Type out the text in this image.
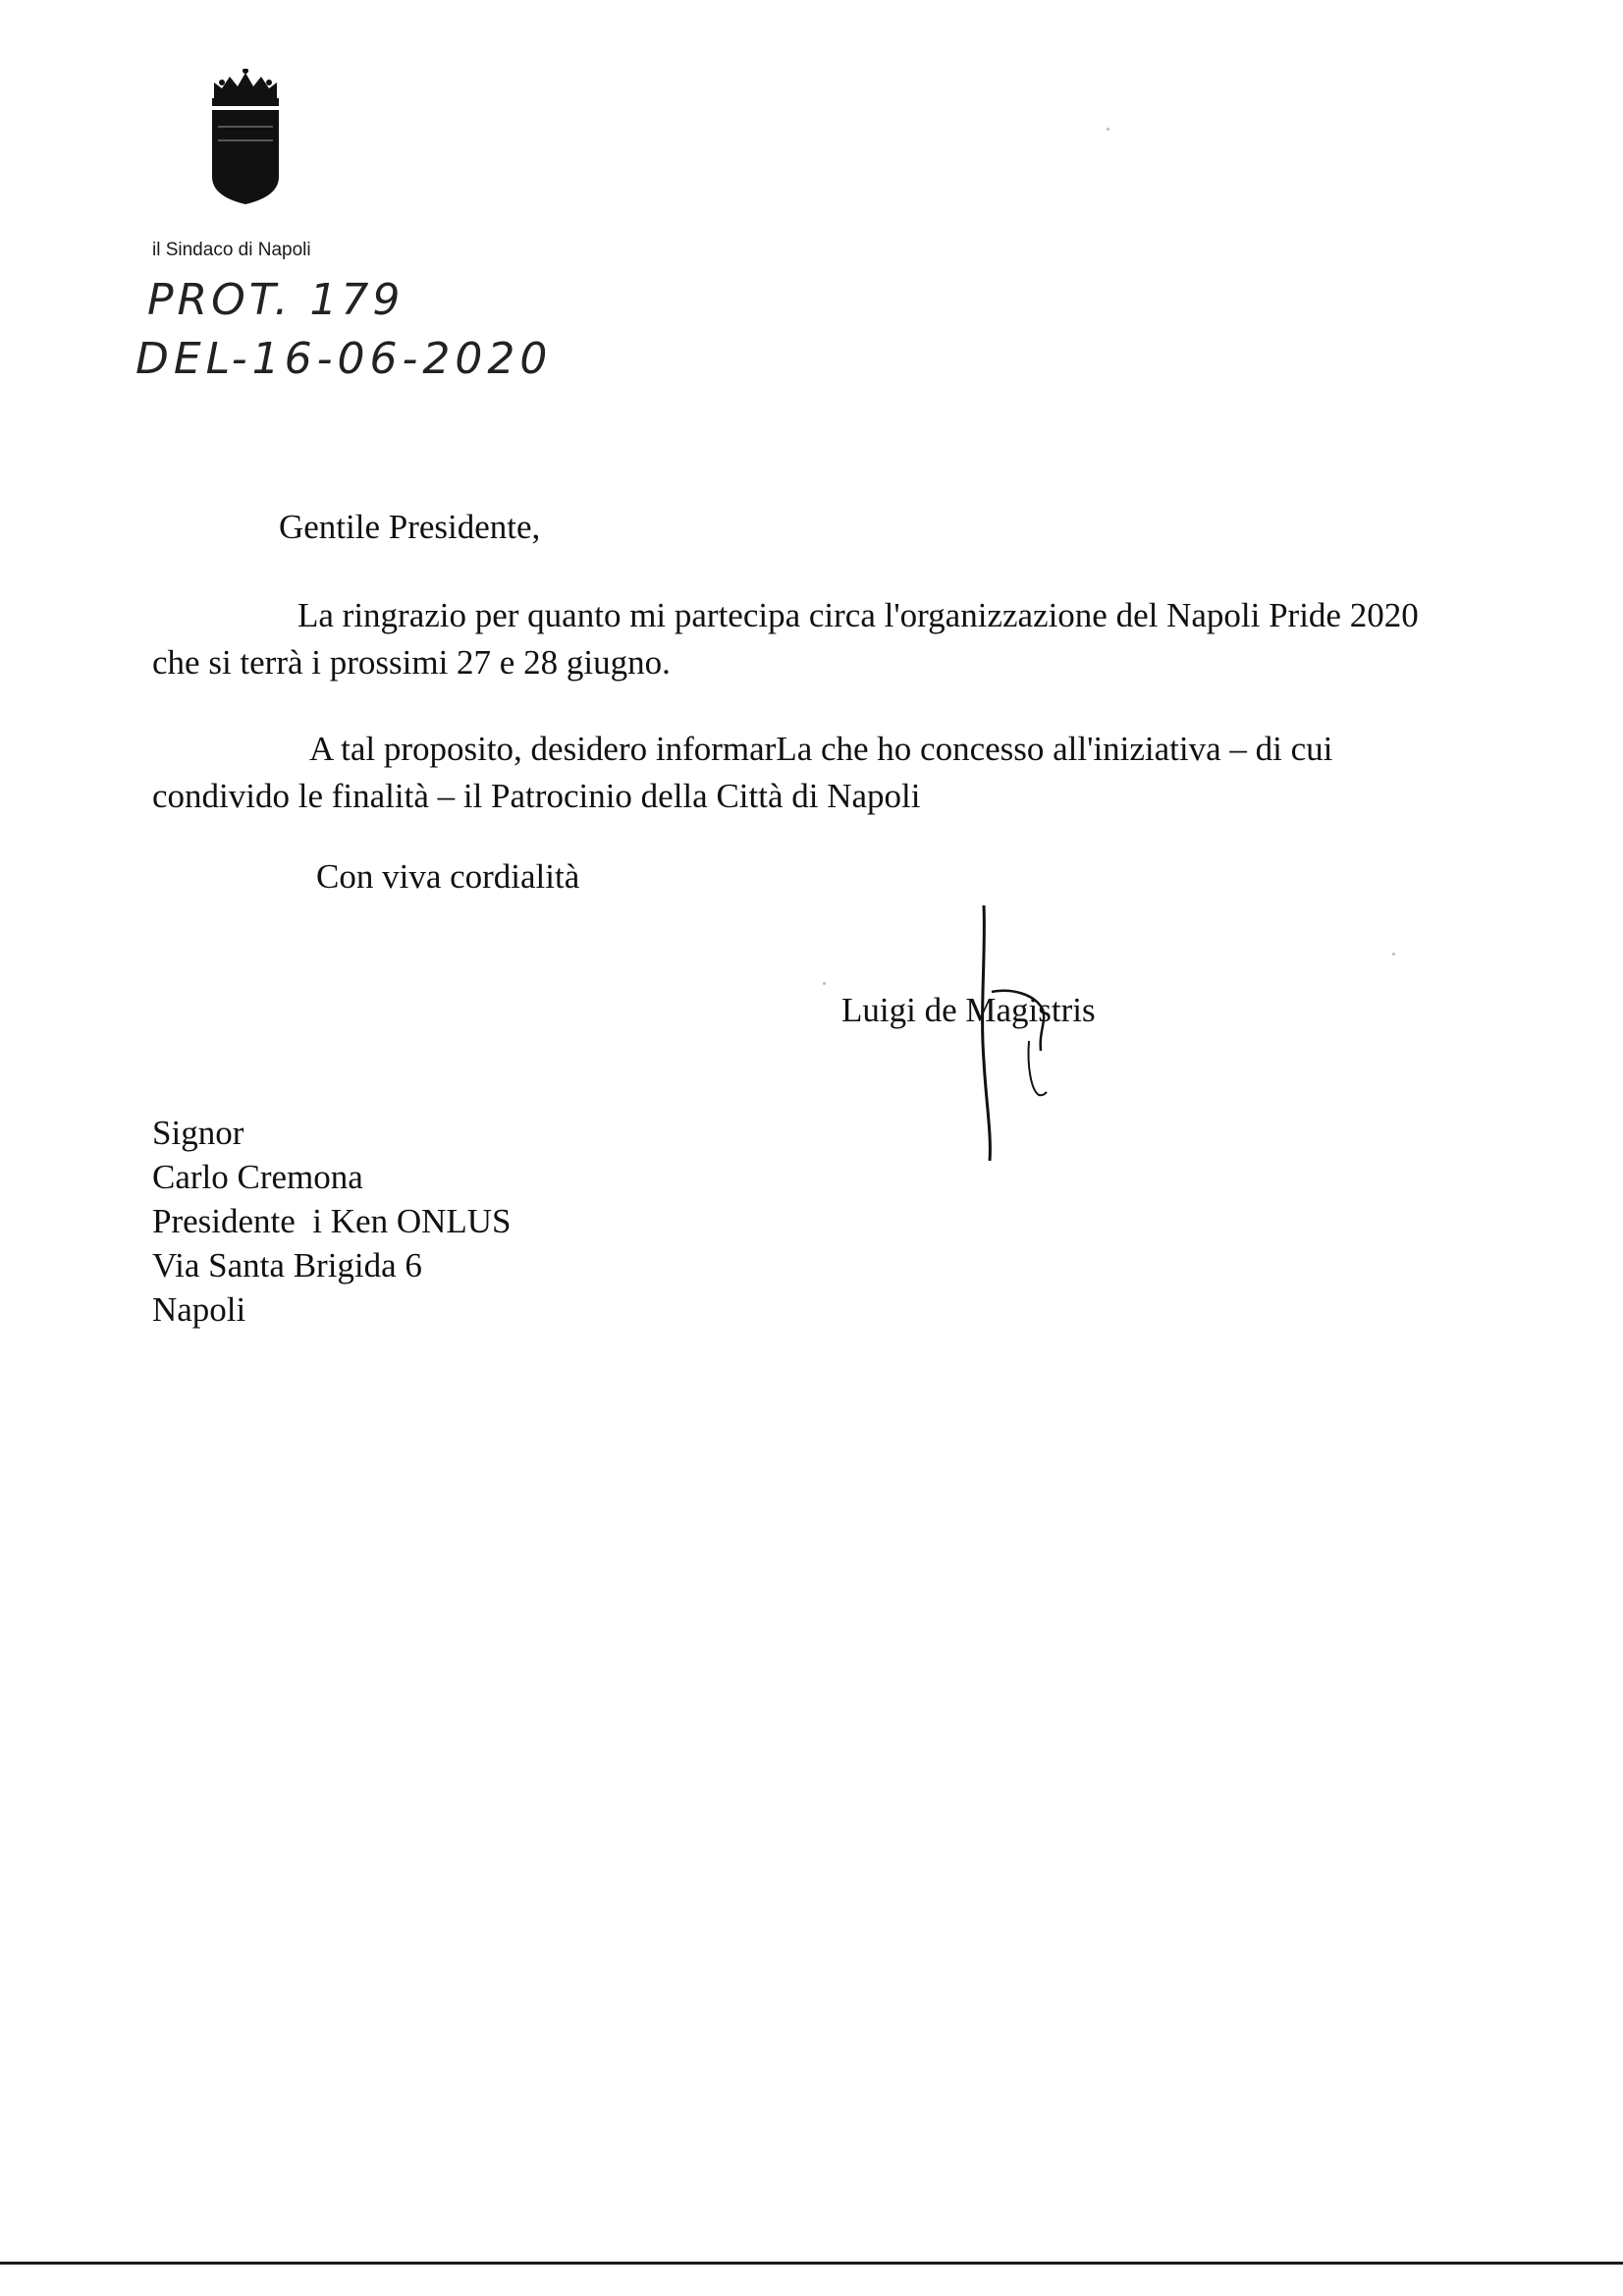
il Sindaco di Napoli
PROT. 179
DEL-16-06-2020
Gentile Presidente,
La ringrazio per quanto mi partecipa circa l'organizzazione del Napoli Pride 2020 che si terrà i prossimi 27 e 28 giugno.
A tal proposito, desidero informarLa che ho concesso all'iniziativa – di cui condivido le finalità – il Patrocinio della Città di Napoli
Con viva cordialità
Luigi de Magistris
Signor
Carlo Cremona
Presidente  i Ken ONLUS
Via Santa Brigida 6
Napoli
